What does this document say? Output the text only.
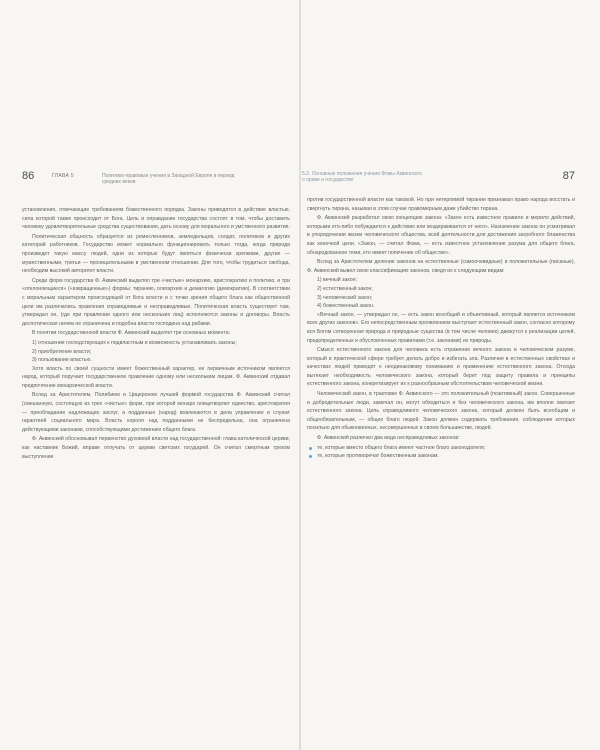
86	ГЛАВА 5	Политико-правовые учения в Западной Европе в период средних веков

установления, отвечающие требованиям божественного порядка. Законы приводятся в действие властью, сила которой также происходит от Бога. Цель и оправдание государства состоят в том, чтобы доставить человеку удовлетворительные средства существования, дать основу для морального и умственного развития.

Политическая общность образуется из ремесленников, земледельцев, солдат, политиков и других категорий работников. Государство может нормально функционировать только тогда, когда природа произведет такую массу людей, одни из которых будут являться физически крепкими, другие — мужественными, третьи — проницательными в умственном отношении. Для того, чтобы трудиться свобода, необходим высокий авторитет власти.

Среди форм государства Ф. Аквинский выделял три «чистые» монархию, аристократию и политию, и три «отклоняющиеся» («извращенные») формы: тиранию, олигархию и демагогию (демократию). В соответствии с моральным характером происходящей от Бога власти и с точки зрения общего блага как общественной цели им различались правления справедливые и несправедливые. Политическая власть существует там, утверждал он, (где при правлении одного или нескольких лиц) исполняются законы и договоры. Власть деспотическая ничем не ограничена и подобна власти господина над рабами.

В понятии государственной власти Ф. Аквинский выделял три основных момента:

1) отношение господствующих к подвластным и возможность устанавливать законы;
2) приобретение власти;
3) пользование властью.

Хотя власть по своей сущности имеет божественный характер, ее первичным источником является народ, который поручает государственное правление одному или нескольким лицам. Ф. Аквинский отдавал предпочтение монархической власти.

Вслед за Аристотелем, Полибием и Цицероном лучшей формой государства Ф. Аквинский считал (смешанную, состоящую из трех «чистых» форм, при которой монарх олицетворяет единство, аристократия — преобладание надлежащих заслуг, а подданные (народ) вовлекаются в дела управления и служат гарантией социального мира. Власть короля над подданными не беспредельна, она ограничена действующими законами, способствующими достижению общего блага.

Ф. Аквинский обосновывал первенство духовной власти над государственной: глава католической церкви, как наставник Божий, вправе отлучать от церкви светских государей. Он считал смертным грехом выступление

5.3. Основные положения учения Фомы Аквинского
о праве и государстве	87

против государственной власти как таковой. Но при нетерпимой тирании признавал право народа восстать и свергнуть тирана, называя в этом случае правомерным даже убийство тирана.

Ф. Аквинский разработал свою концепцию закона: «Закон есть известное правило и мерило действий, которыми кто-либо побуждается к действию или воздерживается от него». Назначение закона он усматривал в упорядочении жизни человеческого общества, всей деятельности для достижения загробного блаженства как конечной цели. «Закон, — считал Фома, — есть известное установление разума для общего блага, обнародованное теми, кто имеет попечение об обществе».

Вслед за Аристотелем деление законов на естественные (самоочевидные) и положительные (писаные), Ф. Аквинский вывел свою классификацию законов, сведя их к следующим видам:

1) вечный закон;
2) естественный закон;
3) человеческий закон;
4) божественный закон.

«Вечный закон, — утверждал он, — есть закон всеобщий и объективный, который является источником всех других законов». Его непосредственным проявлением выступает естественный закон, согласно которому вся Богом сотворенная природа и природные существа (в том числе человек) движутся к реализации целей, предопределенных и обусловленных правилами (т.е. законами) их природы.

Смысл естественного закона для человека есть отражение вечного закона в человеческом разуме, который в практической сфере требует делать добро и избегать зла. Различия в естественных свойствах и качествах людей приводят к неодинаковому пониманию и применению естественного закона. Отсюда вытекает необходимость человеческого закона, который берет под защиту правила и принципы естественного закона, конкретизирует их к разнообразным обстоятельствам человеческой жизни.

Человеческий закон, в трактовке Ф. Аквинского — это положительный (позитивный) закон. Совершенные и добродетельные люди, замечал он, могут обходиться и без человеческого закона, им вполне хватает естественного закона. Цель справедливого человеческого закона, который должен быть всеобщим и общеобязательным, — общее благо людей. Закон должен содержать требования, соблюдение которых посильно для обыкновенных, несовершенных в своем большинстве, людей.

Ф. Аквинский различал два вида несправедливых законов:

те, которые вместо общего блага имеют частное благо законодателя;
те, которые противоречат божественным законам.
